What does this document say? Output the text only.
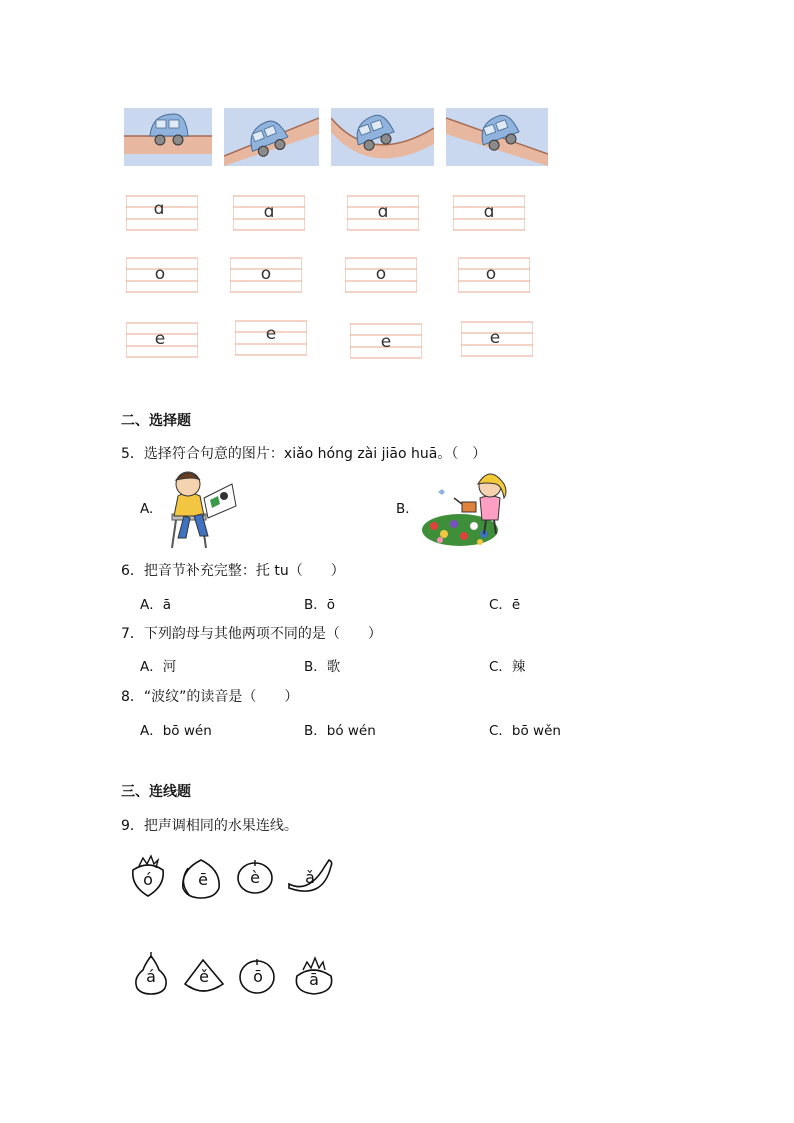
ɑ	ɑ	ɑ	ɑ
o	o	o	o
e	e	e	e
二、选择题
5．选择符合句意的图片：xiǎo hóng zài jiāo huā。（　）
A.	B.
6．把音节补充完整：托 tu（　　）
A．ā	B．ō	C．ē
7．下列韵母与其他两项不同的是（　　）
A．河	B．歌	C．辣
8．“波纹”的读音是（　　）
A．bō wén	B．bó wén	C．bō wěn
三、连线题
9．把声调相同的水果连线。
ó	ē	è	ǎ
á	ě	ō	ā
